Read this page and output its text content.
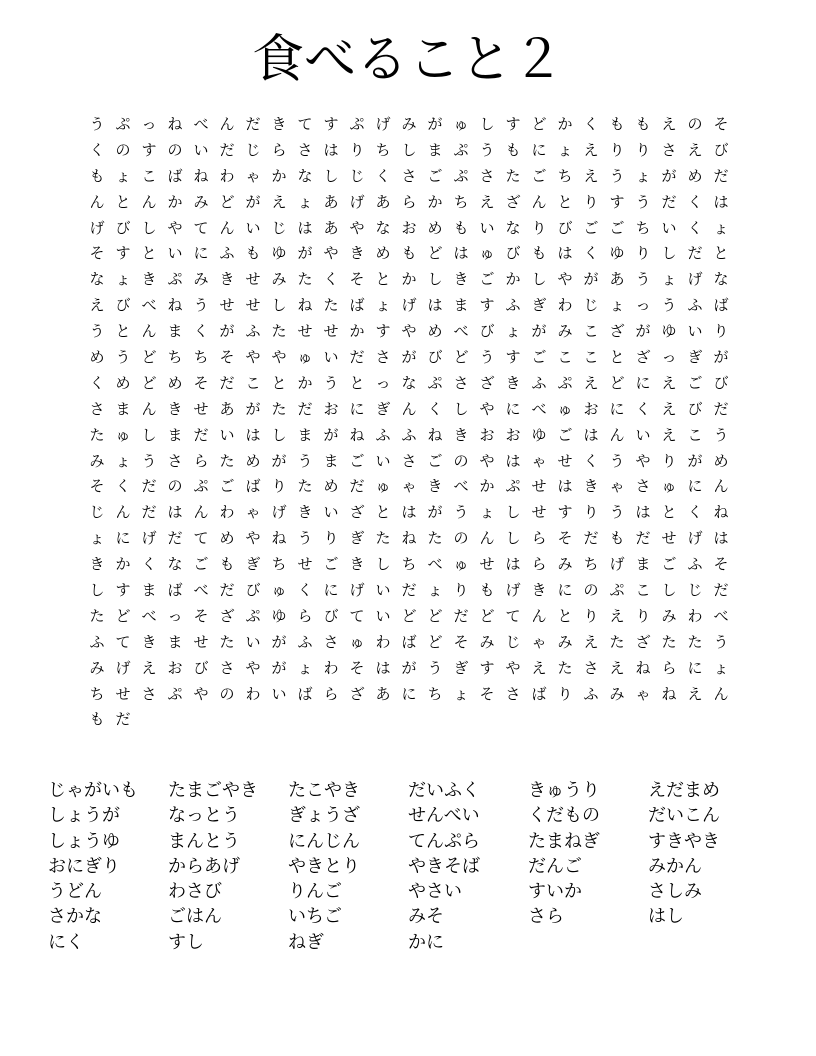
食べること２
う ぷ っ ね べ ん だ き て す ぷ げ み が ゅ し す ど か く も も え の そ
く の す の い だ じ ら さ は り ち し ま ぷ う も に ょ え り り さ え び
も ょ こ ば ね わ ゃ か な し じ く さ ご ぷ さ た ご ち え う ょ が め だ
ん と ん か み ど が え ょ あ げ あ ら か ち え ざ ん と り す う だ く は
げ び し や て ん い じ は あ や な お め も い な り び ご ご ち い く ょ
そ す と い に ふ も ゆ が や き め も ど は ゅ び も は く ゆ り し だ と
な ょ き ぷ み き せ み た く そ と か し き ご か し や が あ う ょ げ な
え び べ ね う せ せ し ね た ば ょ げ は ま す ふ ぎ わ じ ょ っ う ふ ば
う と ん ま く が ふ た せ せ か す や め べ び ょ が み こ ざ が ゆ い り
め う ど ち ち そ や や ゅ い だ さ が び ど う す ご こ こ と ざ っ ぎ が
く め ど め そ だ こ と か う と っ な ぷ さ ざ き ふ ぷ え ど に え ご び
さ ま ん き せ あ が た だ お に ぎ ん く し や に べ ゅ お に く え び だ
た ゅ し ま だ い は し ま が ね ふ ふ ね き お お ゆ ご は ん い え こ う
み ょ う さ ら た め が う ま ご い さ ご の や は ゃ せ く う や り が め
そ く だ の ぷ ご ば り た め だ ゅ ゃ き べ か ぷ せ は き ゃ さ ゅ に ん
じ ん だ は ん わ ゃ げ き い ざ と は が う ょ し せ す り う は と く ね
ょ に げ だ て め や ね う り ぎ た ね た の ん し ら そ だ も だ せ げ は
き か く な ご も ぎ ち せ ご き し ち べ ゅ せ は ら み ち げ ま ご ふ そ
し す ま ば べ だ び ゅ く に げ い だ ょ り も げ き に の ぷ こ し じ だ
た ど べ っ そ ざ ぷ ゆ ら び て い ど ど だ ど て ん と り え り み わ べ
ふ て き ま せ た い が ふ さ ゅ わ ば ど そ み じ ゃ み え た ざ た た う
み げ え お び さ や が ょ わ そ は が う ぎ す や え た さ え ね ら に ょ
ち せ さ ぷ や の わ い ば ら ざ あ に ち ょ そ さ ば り ふ み ゃ ね え ん
も だ
じゃがいも	たまごやき	たこやき	だいふく	きゅうり	えだまめ
しょうが	なっとう	ぎょうざ	せんべい	くだもの	だいこん
しょうゆ	まんとう	にんじん	てんぷら	たまねぎ	すきやき
おにぎり	からあげ	やきとり	やきそば	だんご	みかん
うどん	わさび	りんご	やさい	すいか	さしみ
さかな	ごはん	いちご	みそ	さら	はし
にく	すし	ねぎ	かに
